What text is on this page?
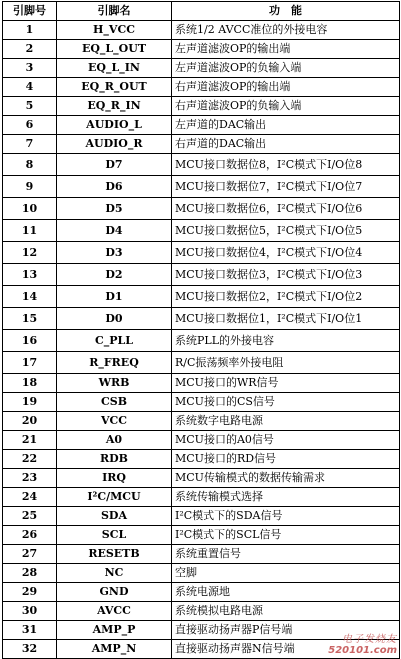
引脚号	引脚名	功　能
1	H_VCC	系统1/2 AVCC准位的外接电容
2	EQ_L_OUT	左声道滤波OP的输出端
3	EQ_L_IN	左声道滤波OP的负输入端
4	EQ_R_OUT	右声道滤波OP的输出端
5	EQ_R_IN	右声道滤波OP的负输入端
6	AUDIO_L	左声道的DAC输出
7	AUDIO_R	右声道的DAC输出
8	D7	MCU接口数据位8，I²C模式下I/O位8
9	D6	MCU接口数据位7，I²C模式下I/O位7
10	D5	MCU接口数据位6，I²C模式下I/O位6
11	D4	MCU接口数据位5，I²C模式下I/O位5
12	D3	MCU接口数据位4，I²C模式下I/O位4
13	D2	MCU接口数据位3，I²C模式下I/O位3
14	D1	MCU接口数据位2，I²C模式下I/O位2
15	D0	MCU接口数据位1，I²C模式下I/O位1
16	C_PLL	系统PLL的外接电容
17	R_FREQ	R/C振荡频率外接电阻
18	WRB	MCU接口的WR信号
19	CSB	MCU接口的CS信号
20	VCC	系统数字电路电源
21	A0	MCU接口的A0信号
22	RDB	MCU接口的RD信号
23	IRQ	MCU传输模式的数据传输需求
24	I²C/MCU	系统传输模式选择
25	SDA	I²C模式下的SDA信号
26	SCL	I²C模式下的SCL信号
27	RESETB	系统重置信号
28	NC	空脚
29	GND	系统电源地
30	AVCC	系统模拟电路电源
31	AMP_P	直接驱动扬声器P信号端
32	AMP_N	直接驱动扬声器N信号端
电子发烧友
520101.com
